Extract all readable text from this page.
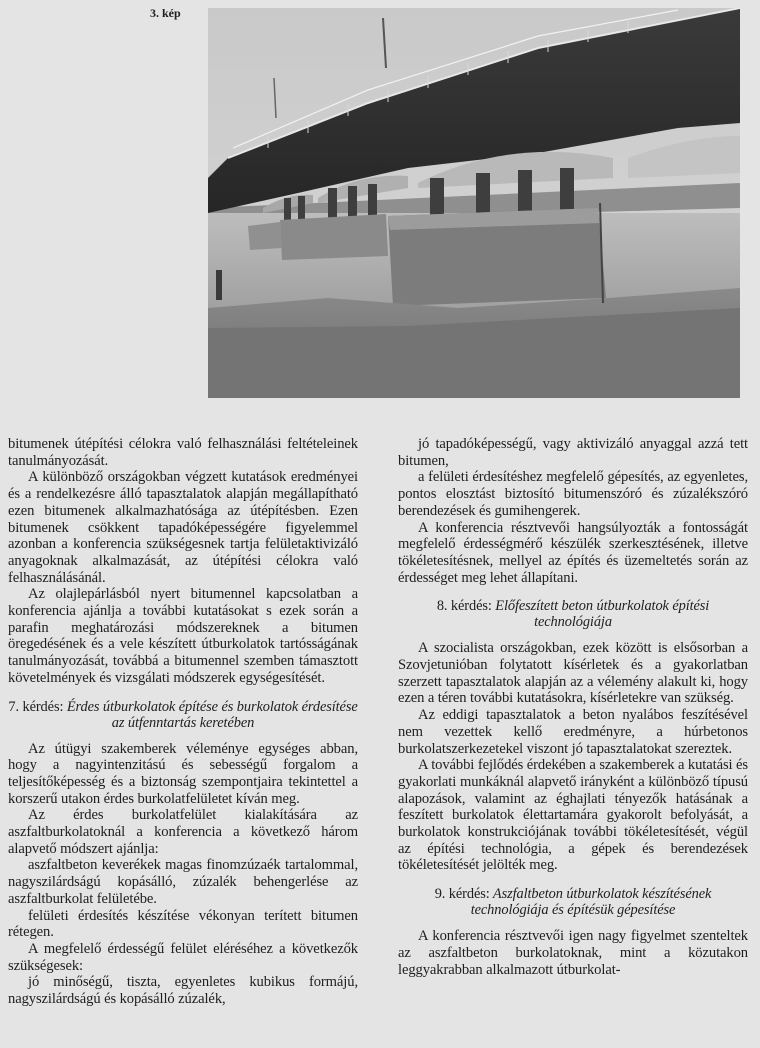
3. kép

bitumenek útépítési célokra való felhasználási feltételeinek tanulmányozását.

A különböző országokban végzett kutatások eredményei és a rendelkezésre álló tapasztalatok alapján megállapítható ezen bitumenek alkalmazhatósága az útépítésben. Ezen bitumenek csökkent tapadóképességére figyelemmel azonban a konferencia szükségesnek tartja felületaktivizáló anyagoknak alkalmazását, az útépítési célokra való felhasználásánál.

Az olajlepárlásból nyert bitumennel kapcsolatban a konferencia ajánlja a további kutatásokat s ezek során a parafin meghatározási módszereknek a bitumen öregedésének és a vele készített útburkolatok tartósságának tanulmányozását, továbbá a bitumennel szemben támasztott követelmények és vizsgálati módszerek egységesítését.

7. kérdés: Érdes útburkolatok építése és burkolatok érdesítése az útfenntartás keretében

Az útügyi szakemberek véleménye egységes abban, hogy a nagyintenzitású és sebességű forgalom a teljesítőképesség és a biztonság szempontjaira tekintettel a korszerű utakon érdes burkolatfelületet kíván meg.

Az érdes burkolatfelület kialakítására az aszfaltburkolatoknál a konferencia a következő három alapvető módszert ajánlja:

aszfaltbeton keverékek magas finomzúzaék tartalommal, nagyszilárdságú kopásálló, zúzalék behengerlése az aszfaltburkolat felületébe.

felületi érdesítés készítése vékonyan terített bitumen rétegen.

A megfelelő érdességű felület eléréséhez a következők szükségesek:

jó minőségű, tiszta, egyenletes kubikus formájú, nagyszilárdságú és kopásálló zúzalék,

jó tapadóképességű, vagy aktivizáló anyaggal azzá tett bitumen,

a felületi érdesítéshez megfelelő gépesítés, az egyenletes, pontos elosztást biztosító bitumenszóró és zúzalékszóró berendezések és gumihengerek.

A konferencia résztvevői hangsúlyozták a fontosságát megfelelő érdességmérő készülék szerkesztésének, illetve tökéletesítésnek, mellyel az építés és üzemeltetés során az érdességet meg lehet állapítani.

8. kérdés: Előfeszített beton útburkolatok építési technológiája

A szocialista országokban, ezek között is elsősorban a Szovjetunióban folytatott kísérletek és a gyakorlatban szerzett tapasztalatok alapján az a vélemény alakult ki, hogy ezen a téren további kutatásokra, kísérletekre van szükség.

Az eddigi tapasztalatok a beton nyalábos feszítésével nem vezettek kellő eredményre, a húrbetonos burkolatszerkezetekel viszont jó tapasztalatokat szereztek.

A további fejlődés érdekében a szakemberek a kutatási és gyakorlati munkáknál alapvető irányként a különböző típusú alapozások, valamint az éghajlati tényezők hatásának a feszített burkolatok élettartamára gyakorolt befolyását, a burkolatok konstrukciójának további tökéletesítését, végül az építési technológia, a gépek és berendezések tökéletesítését jelölték meg.

9. kérdés: Aszfaltbeton útburkolatok készítésének technológiája és építésük gépesítése

A konferencia résztvevői igen nagy figyelmet szenteltek az aszfaltbeton burkolatoknak, mint a közutakon leggyakrabban alkalmazott útburkolat-
